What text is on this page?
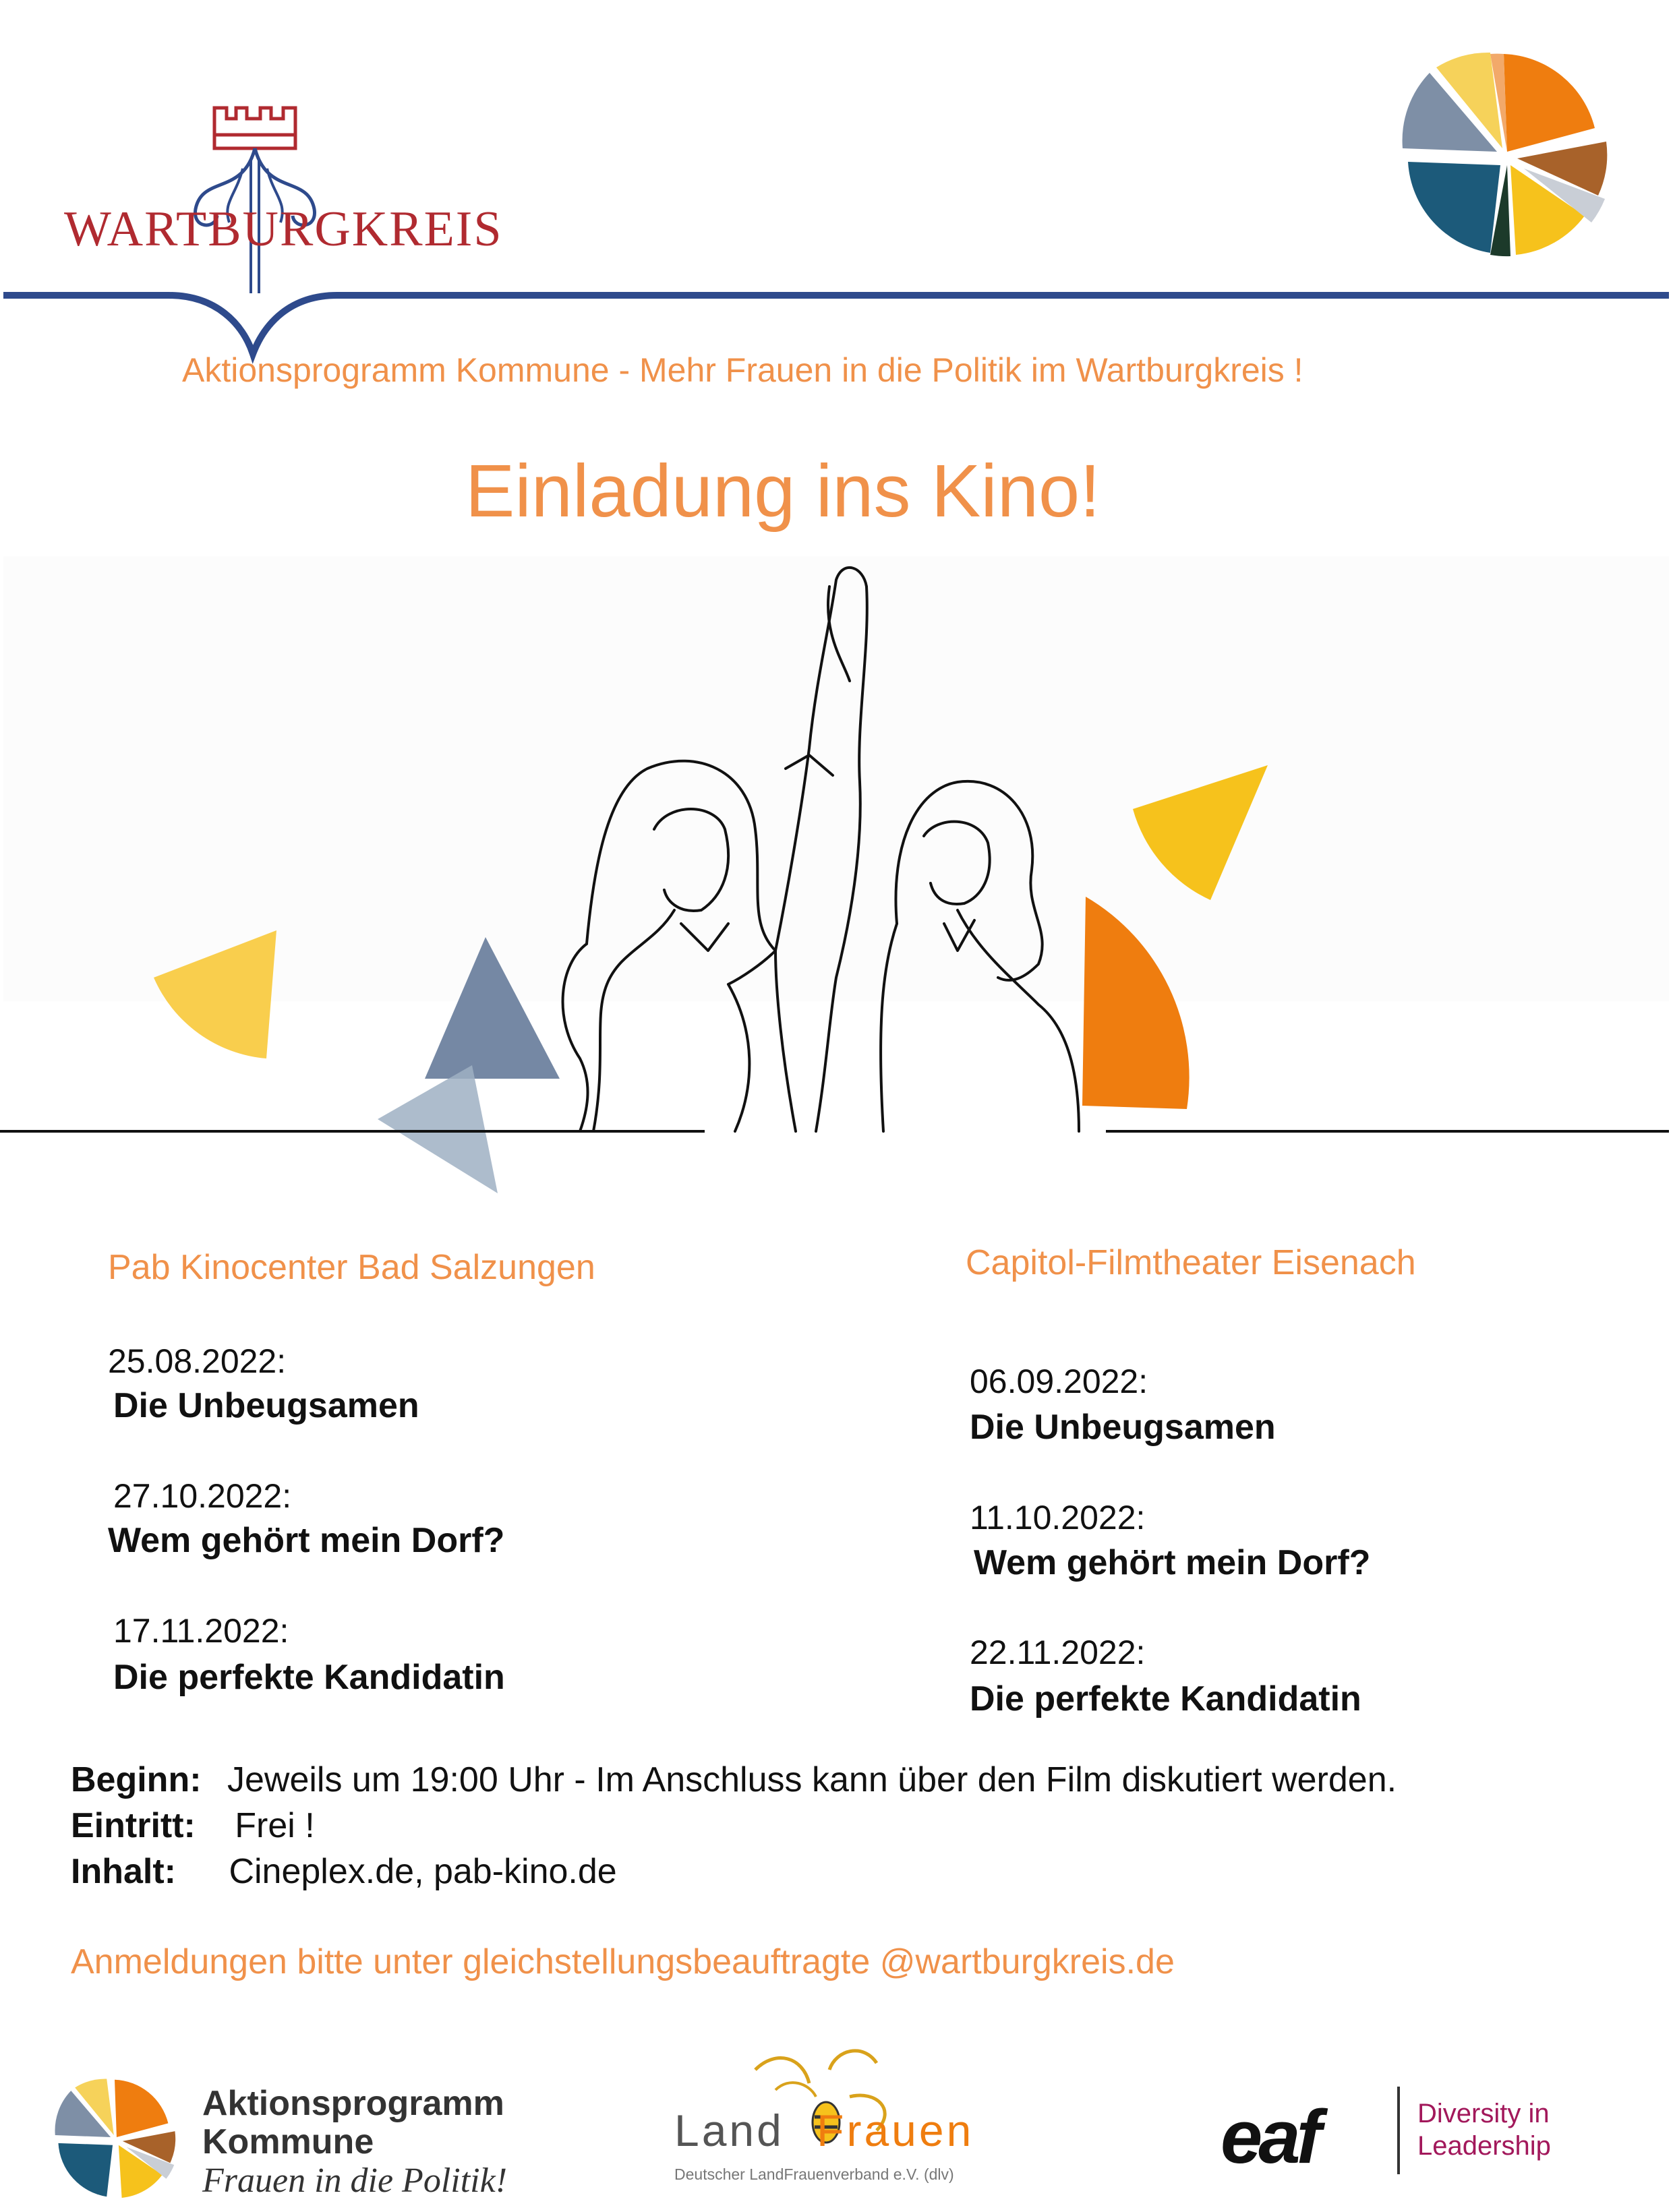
WARTBURGKREIS
Aktionsprogramm Kommune - Mehr Frauen in die Politik im Wartburgkreis !
Einladung ins Kino!
Pab Kinocenter Bad Salzungen
25.08.2022:
Die Unbeugsamen
27.10.2022:
Wem gehört mein Dorf?
17.11.2022:
Die perfekte Kandidatin
Capitol-Filmtheater Eisenach
06.09.2022:
Die Unbeugsamen
11.10.2022:
Wem gehört mein Dorf?
22.11.2022:
Die perfekte Kandidatin
Beginn: Jeweils um 19:00 Uhr - Im Anschluss kann über den Film diskutiert werden.
Eintritt: Frei !
Inhalt: Cineplex.de, pab-kino.de
Anmeldungen bitte unter gleichstellungsbeauftragte @wartburgkreis.de
Aktionsprogramm
Kommune
Frauen in die Politik!
Land Frauen
Deutscher LandFrauenverband e.V. (dlv)	eaf	Diversity in
Leadership
